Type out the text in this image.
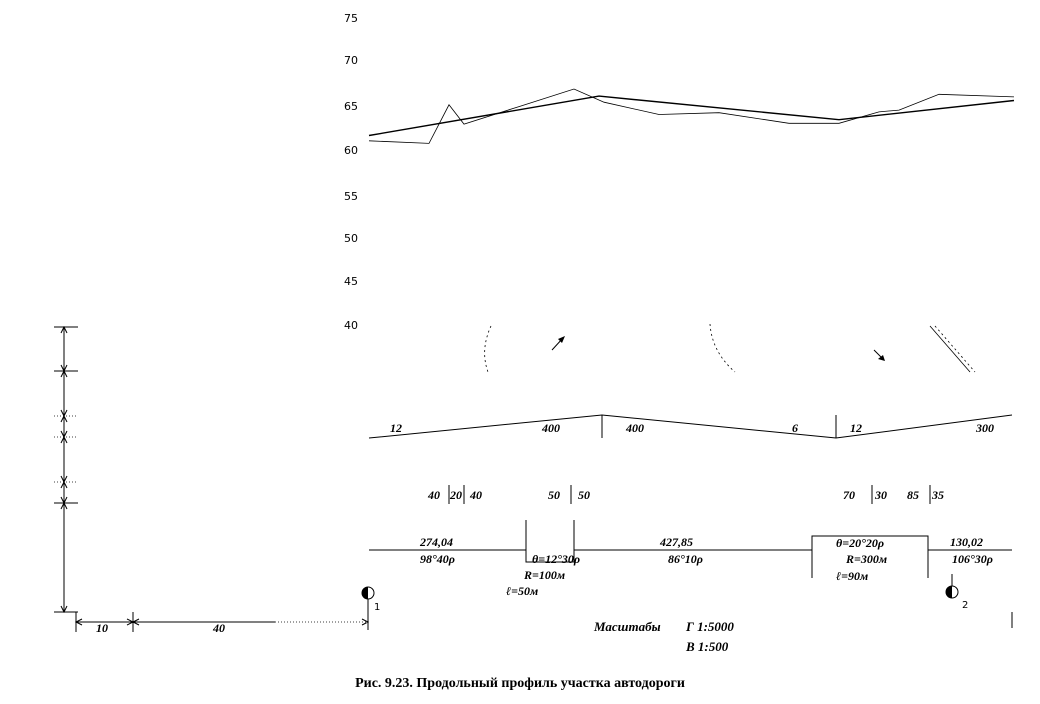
75
70
65
60
55
50
45
40
12	400	400	6	12	300
40 20 40	50 50	70 30 85 35
274,04
98°40ρ
427,85
86°10ρ
130,02
106°30ρ
θ=12°30ρ
R=100м
ℓ=50м
θ=20°20ρ
R=300м
ℓ=90м
1	2
10	40	Масштабы Г 1:5000
В 1:500
Рис. 9.23. Продольный профиль участка автодороги
